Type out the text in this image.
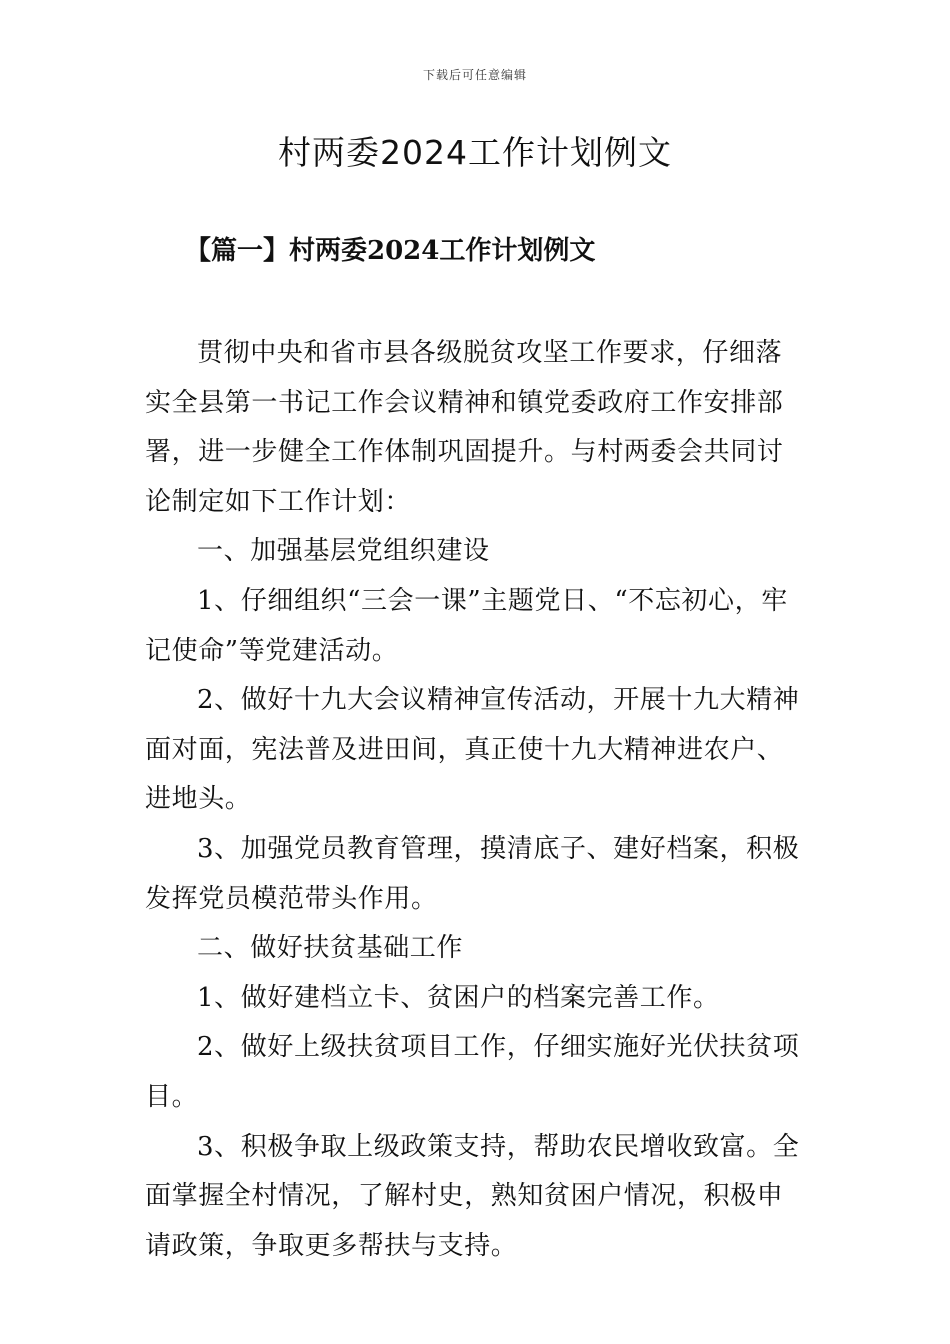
下载后可任意编辑
村两委2024工作计划例文
【篇一】村两委2024工作计划例文

贯彻中央和省市县各级脱贫攻坚工作要求，仔细落实全县第一书记工作会议精神和镇党委政府工作安排部署，进一步健全工作体制巩固提升。与村两委会共同讨论制定如下工作计划：

一、加强基层党组织建设

1、仔细组织“三会一课”主题党日、“不忘初心，牢记使命”等党建活动。

2、做好十九大会议精神宣传活动，开展十九大精神面对面，宪法普及进田间，真正使十九大精神进农户、进地头。

3、加强党员教育管理，摸清底子、建好档案，积极发挥党员模范带头作用。

二、做好扶贫基础工作

1、做好建档立卡、贫困户的档案完善工作。

2、做好上级扶贫项目工作，仔细实施好光伏扶贫项目。

3、积极争取上级政策支持，帮助农民增收致富。全面掌握全村情况，了解村史，熟知贫困户情况，积极申请政策，争取更多帮扶与支持。
